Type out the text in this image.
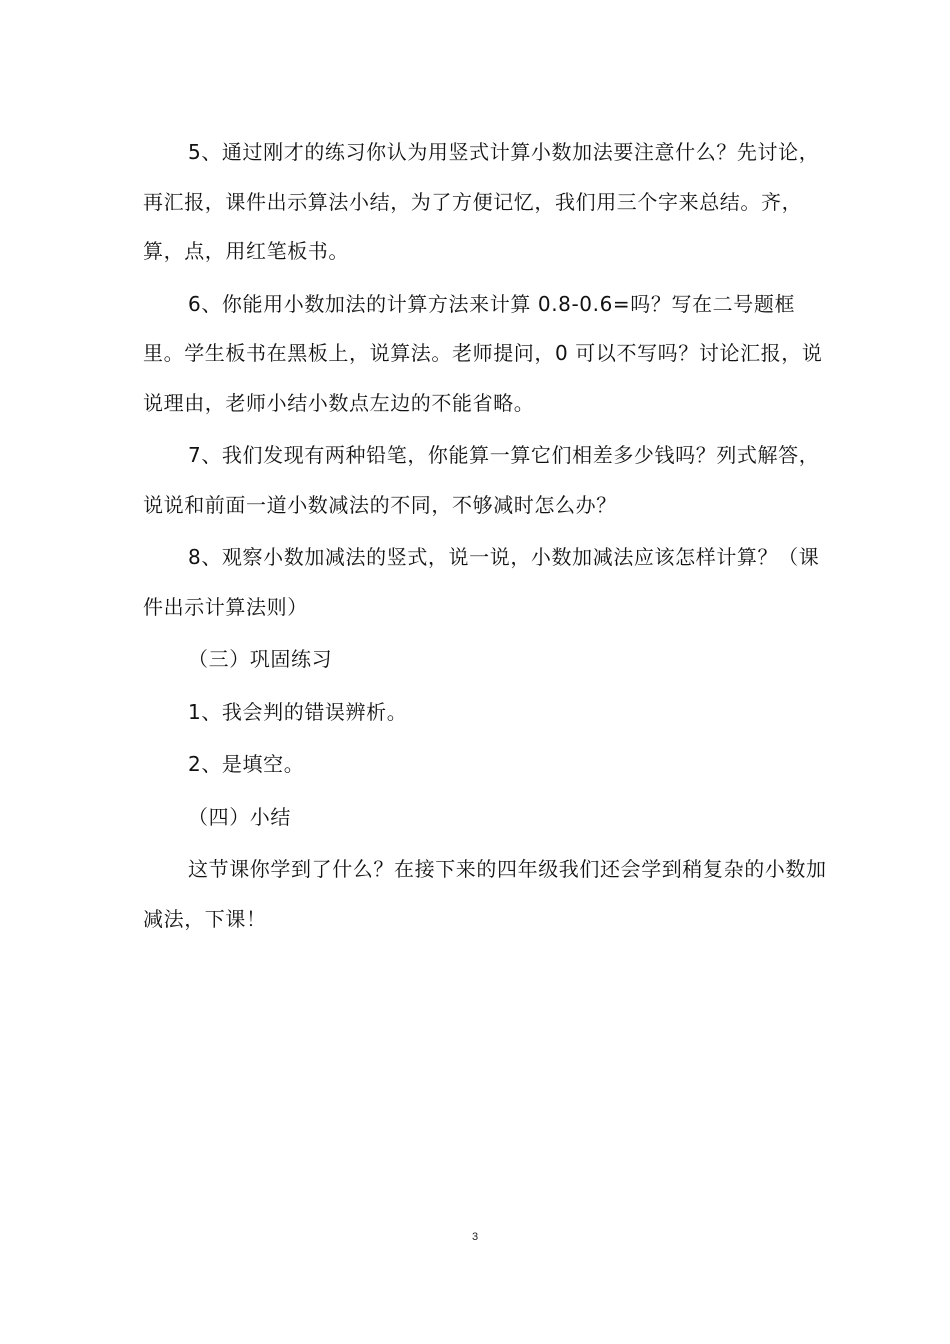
5、通过刚才的练习你认为用竖式计算小数加法要注意什么？先讨论，再汇报，课件出示算法小结，为了方便记忆，我们用三个字来总结。齐，算，点，用红笔板书。

6、你能用小数加法的计算方法来计算 0.8-0.6=吗？写在二号题框里。学生板书在黑板上，说算法。老师提问，0 可以不写吗？讨论汇报，说说理由，老师小结小数点左边的不能省略。

7、我们发现有两种铅笔，你能算一算它们相差多少钱吗？列式解答，说说和前面一道小数减法的不同，不够减时怎么办？

8、观察小数加减法的竖式，说一说，小数加减法应该怎样计算？（课件出示计算法则）

（三）巩固练习

1、我会判的错误辨析。

2、是填空。

（四）小结

这节课你学到了什么？在接下来的四年级我们还会学到稍复杂的小数加减法，下课！

3
